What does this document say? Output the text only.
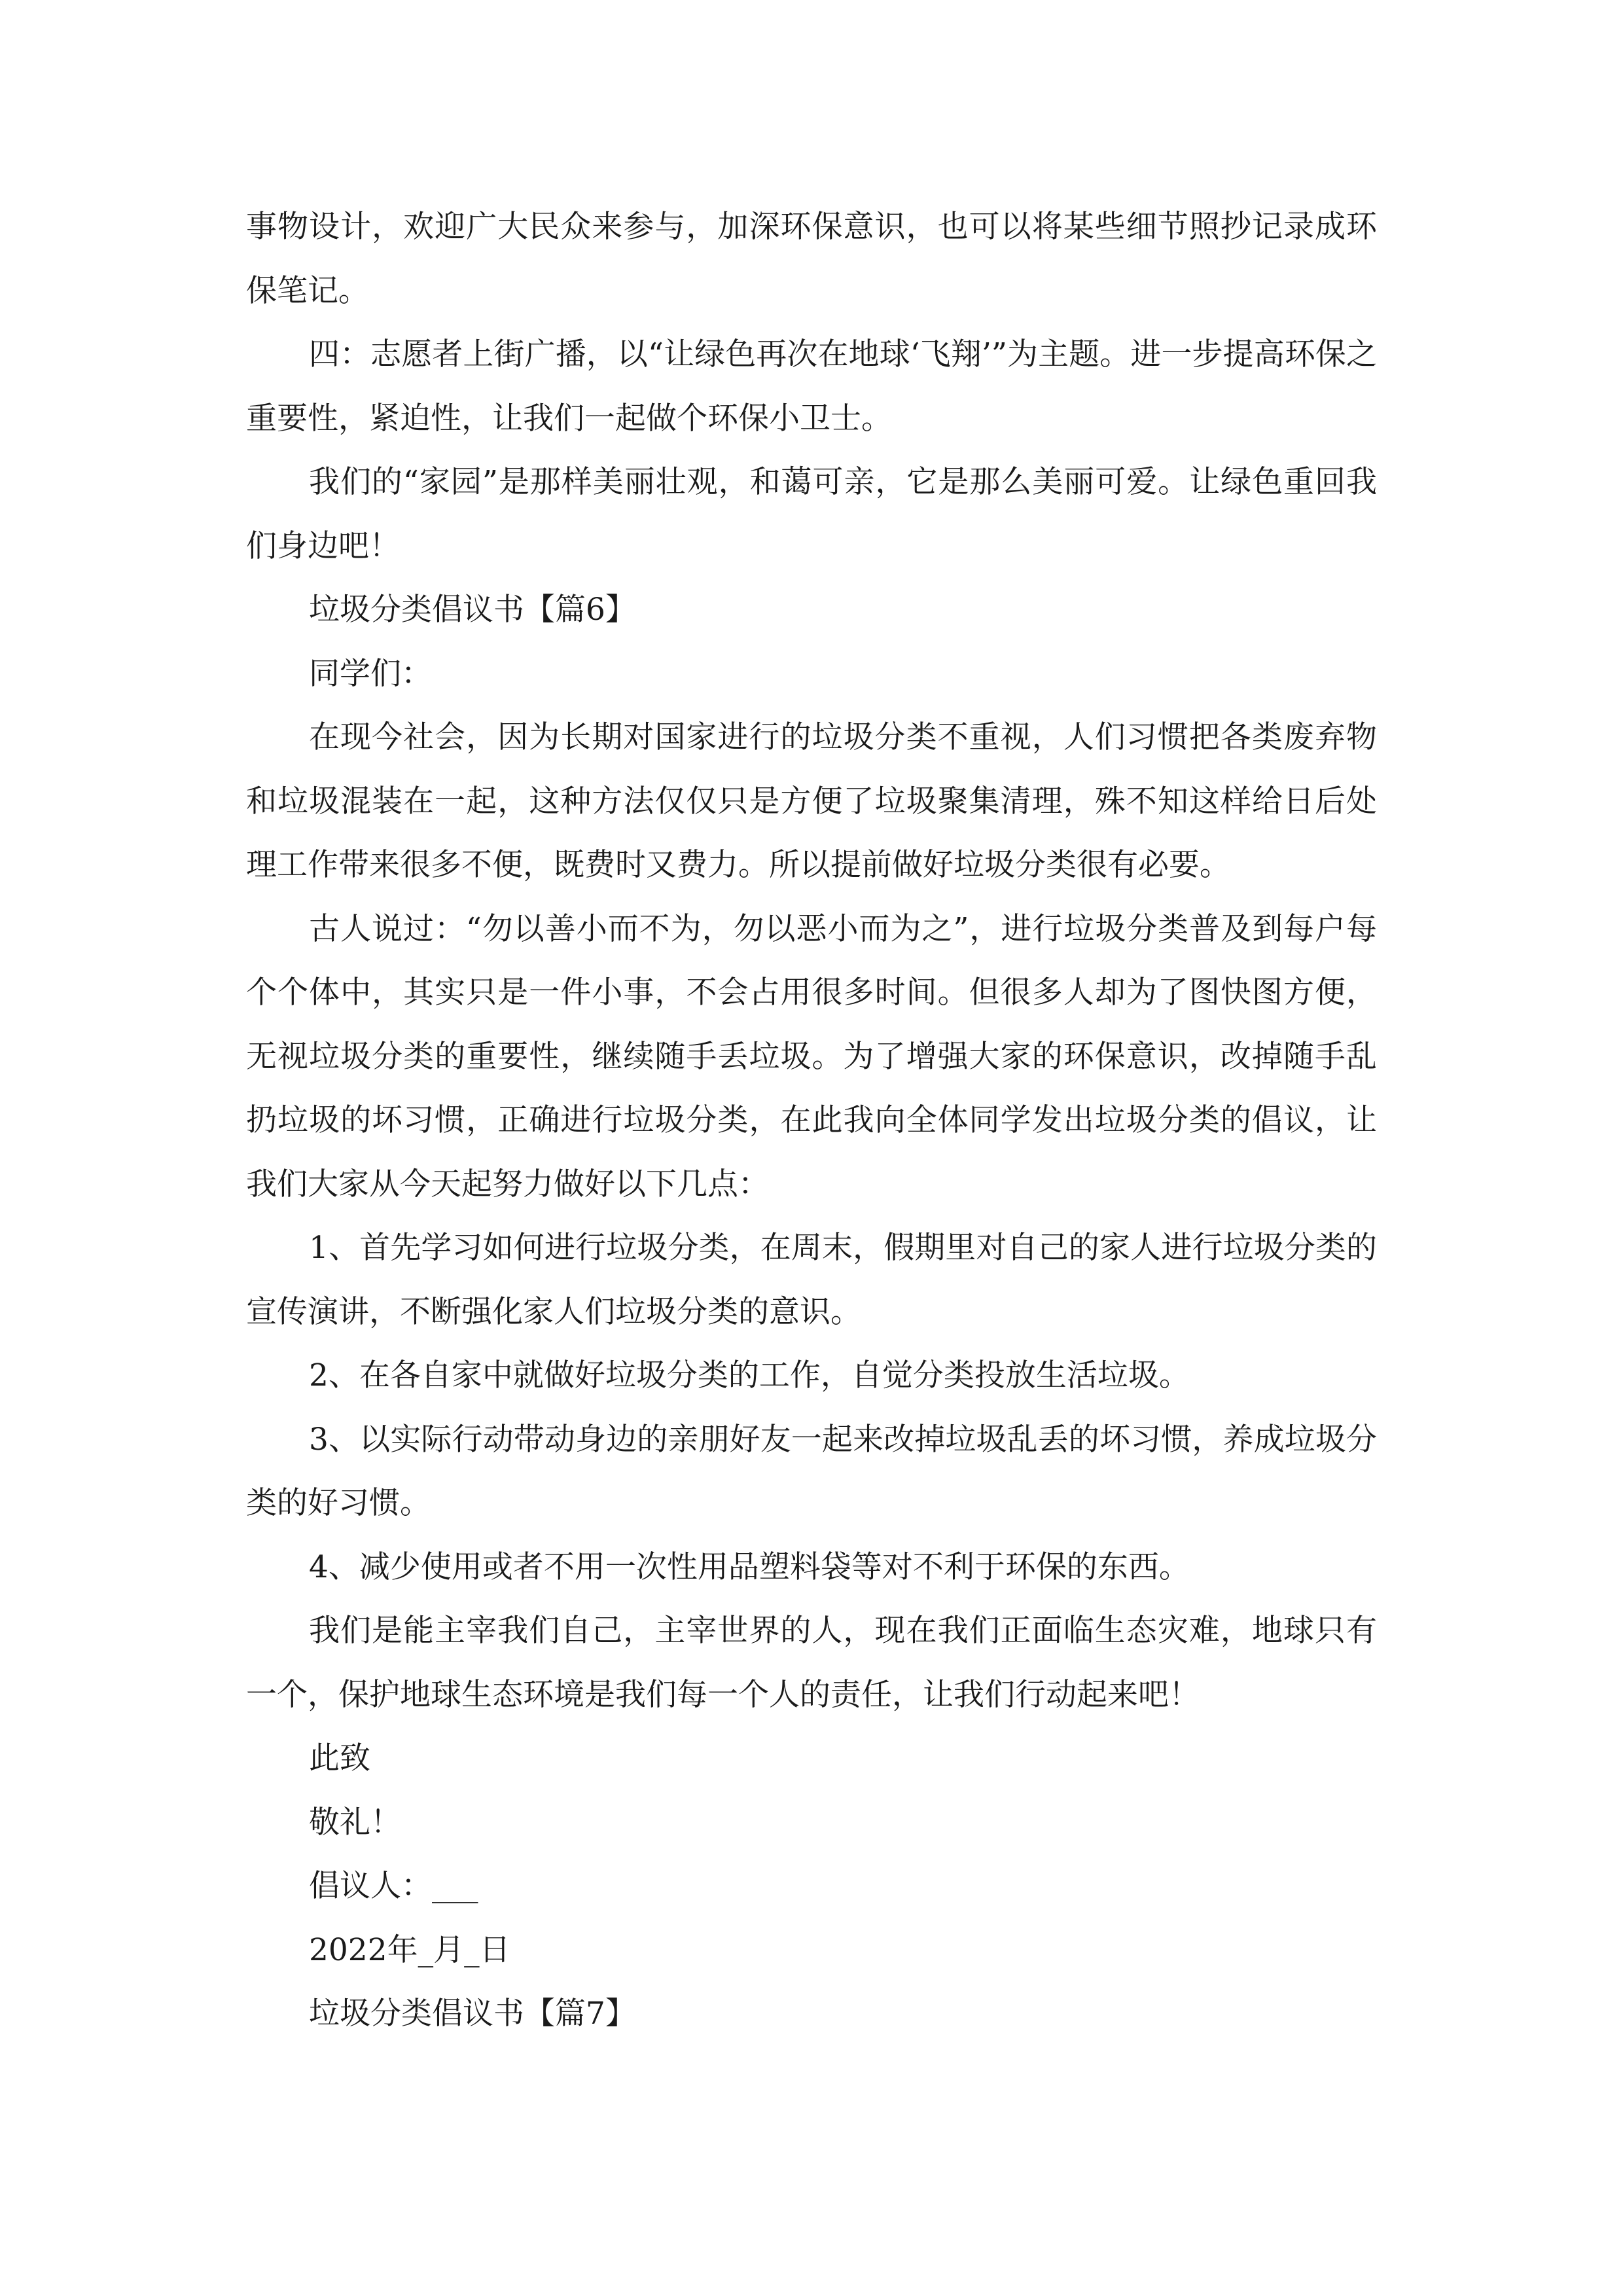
事物设计，欢迎广大民众来参与，加深环保意识，也可以将某些细节照抄记录成环保笔记。

四：志愿者上街广播，以“让绿色再次在地球‘飞翔’”为主题。进一步提高环保之重要性，紧迫性，让我们一起做个环保小卫士。

我们的“家园”是那样美丽壮观，和蔼可亲，它是那么美丽可爱。让绿色重回我们身边吧！

垃圾分类倡议书【篇6】

同学们：

在现今社会，因为长期对国家进行的垃圾分类不重视，人们习惯把各类废弃物和垃圾混装在一起，这种方法仅仅只是方便了垃圾聚集清理，殊不知这样给日后处理工作带来很多不便，既费时又费力。所以提前做好垃圾分类很有必要。

古人说过：“勿以善小而不为，勿以恶小而为之”，进行垃圾分类普及到每户每个个体中，其实只是一件小事，不会占用很多时间。但很多人却为了图快图方便，无视垃圾分类的重要性，继续随手丢垃圾。为了增强大家的环保意识，改掉随手乱扔垃圾的坏习惯，正确进行垃圾分类，在此我向全体同学发出垃圾分类的倡议，让我们大家从今天起努力做好以下几点：

1、首先学习如何进行垃圾分类，在周末，假期里对自己的家人进行垃圾分类的宣传演讲，不断强化家人们垃圾分类的意识。

2、在各自家中就做好垃圾分类的工作，自觉分类投放生活垃圾。

3、以实际行动带动身边的亲朋好友一起来改掉垃圾乱丢的坏习惯，养成垃圾分类的好习惯。

4、减少使用或者不用一次性用品塑料袋等对不利于环保的东西。

我们是能主宰我们自己，主宰世界的人，现在我们正面临生态灾难，地球只有一个，保护地球生态环境是我们每一个人的责任，让我们行动起来吧！

此致

敬礼！

倡议人：___

2022年_月_日

垃圾分类倡议书【篇7】
